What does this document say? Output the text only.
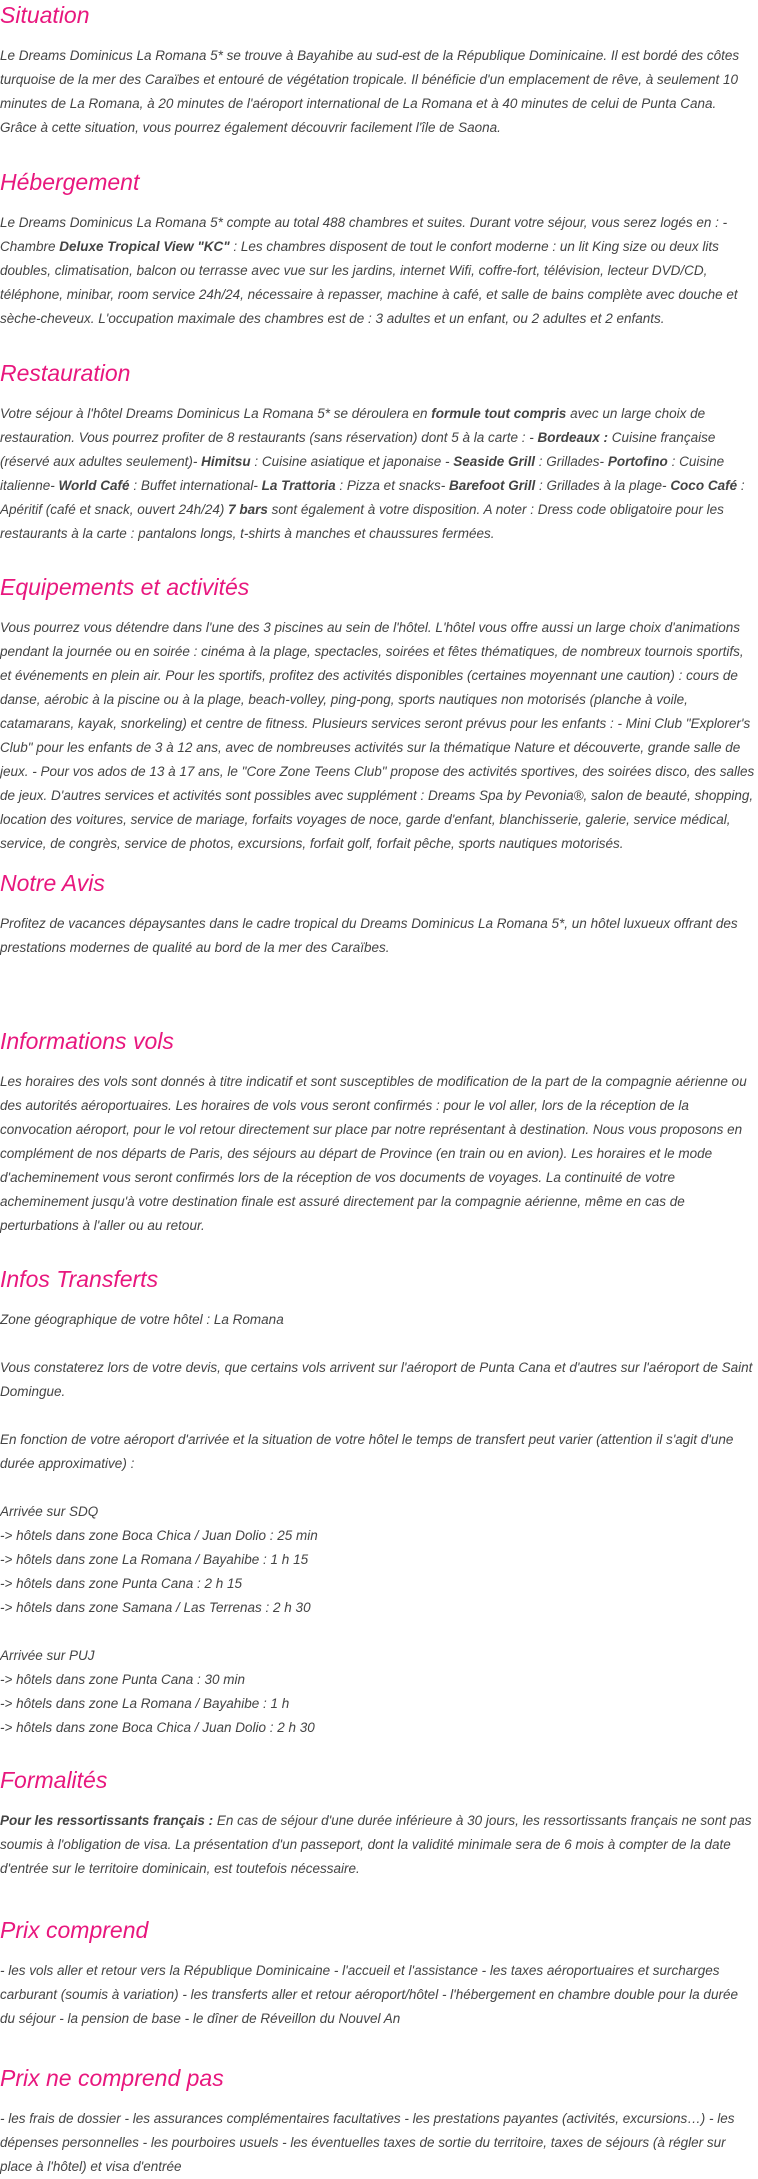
Situation

Le Dreams Dominicus La Romana 5* se trouve à Bayahibe au sud-est de la République Dominicaine. Il est bordé des côtes turquoise de la mer des Caraïbes et entouré de végétation tropicale. Il bénéficie d'un emplacement de rêve, à seulement 10 minutes de La Romana, à 20 minutes de l'aéroport international de La Romana et à 40 minutes de celui de Punta Cana. Grâce à cette situation, vous pourrez également découvrir facilement l'île de Saona.

Hébergement

Le Dreams Dominicus La Romana 5* compte au total 488 chambres et suites. Durant votre séjour, vous serez logés en : - Chambre Deluxe Tropical View "KC" : Les chambres disposent de tout le confort moderne : un lit King size ou deux lits doubles, climatisation, balcon ou terrasse avec vue sur les jardins, internet Wifi, coffre-fort, télévision, lecteur DVD/CD, téléphone, minibar, room service 24h/24, nécessaire à repasser, machine à café, et salle de bains complète avec douche et sèche-cheveux. L'occupation maximale des chambres est de : 3 adultes et un enfant, ou 2 adultes et 2 enfants.

Restauration

Votre séjour à l'hôtel Dreams Dominicus La Romana 5* se déroulera en formule tout compris avec un large choix de restauration. Vous pourrez profiter de 8 restaurants (sans réservation) dont 5 à la carte : - Bordeaux : Cuisine française (réservé aux adultes seulement)- Himitsu : Cuisine asiatique et japonaise - Seaside Grill : Grillades- Portofino : Cuisine italienne- World Café : Buffet international- La Trattoria : Pizza et snacks- Barefoot Grill : Grillades à la plage- Coco Café : Apéritif (café et snack, ouvert 24h/24) 7 bars sont également à votre disposition. A noter : Dress code obligatoire pour les restaurants à la carte : pantalons longs, t-shirts à manches et chaussures fermées.

Equipements et activités

Vous pourrez vous détendre dans l'une des 3 piscines au sein de l'hôtel. L'hôtel vous offre aussi un large choix d'animations pendant la journée ou en soirée : cinéma à la plage, spectacles, soirées et fêtes thématiques, de nombreux tournois sportifs, et événements en plein air. Pour les sportifs, profitez des activités disponibles (certaines moyennant une caution) : cours de danse, aérobic à la piscine ou à la plage, beach-volley, ping-pong, sports nautiques non motorisés (planche à voile, catamarans, kayak, snorkeling) et centre de fitness. Plusieurs services seront prévus pour les enfants : - Mini Club "Explorer's Club" pour les enfants de 3 à 12 ans, avec de nombreuses activités sur la thématique Nature et découverte, grande salle de jeux. - Pour vos ados de 13 à 17 ans, le "Core Zone Teens Club" propose des activités sportives, des soirées disco, des salles de jeux. D'autres services et activités sont possibles avec supplément : Dreams Spa by Pevonia®, salon de beauté, shopping, location des voitures, service de mariage, forfaits voyages de noce, garde d'enfant, blanchisserie, galerie, service médical, service, de congrès, service de photos, excursions, forfait golf, forfait pêche, sports nautiques motorisés.

Notre Avis

Profitez de vacances dépaysantes dans le cadre tropical du Dreams Dominicus La Romana 5*, un hôtel luxueux offrant des prestations modernes de qualité au bord de la mer des Caraïbes.

Informations vols

Les horaires des vols sont donnés à titre indicatif et sont susceptibles de modification de la part de la compagnie aérienne ou des autorités aéroportuaires. Les horaires de vols vous seront confirmés : pour le vol aller, lors de la réception de la convocation aéroport, pour le vol retour directement sur place par notre représentant à destination. Nous vous proposons en complément de nos départs de Paris, des séjours au départ de Province (en train ou en avion). Les horaires et le mode d'acheminement vous seront confirmés lors de la réception de vos documents de voyages. La continuité de votre acheminement jusqu'à votre destination finale est assuré directement par la compagnie aérienne, même en cas de perturbations à l'aller ou au retour.

Infos Transferts
Zone géographique de votre hôtel : La Romana
Vous constaterez lors de votre devis, que certains vols arrivent sur l'aéroport de Punta Cana et d'autres sur l'aéroport de Saint Domingue.
En fonction de votre aéroport d'arrivée et la situation de votre hôtel le temps de transfert peut varier (attention il s'agit d'une durée approximative) :
Arrivée sur SDQ
-> hôtels dans zone Boca Chica / Juan Dolio : 25 min
-> hôtels dans zone La Romana / Bayahibe : 1 h 15
-> hôtels dans zone Punta Cana : 2 h 15
-> hôtels dans zone Samana / Las Terrenas : 2 h 30
Arrivée sur PUJ
-> hôtels dans zone Punta Cana : 30 min
-> hôtels dans zone La Romana / Bayahibe : 1 h
-> hôtels dans zone Boca Chica / Juan Dolio : 2 h 30
Formalités

Pour les ressortissants français : En cas de séjour d'une durée inférieure à 30 jours, les ressortissants français ne sont pas soumis à l'obligation de visa. La présentation d'un passeport, dont la validité minimale sera de 6 mois à compter de la date d'entrée sur le territoire dominicain, est toutefois nécessaire.

Prix comprend

- les vols aller et retour vers la République Dominicaine - l'accueil et l'assistance - les taxes aéroportuaires et surcharges carburant (soumis à variation) - les transferts aller et retour aéroport/hôtel - l'hébergement en chambre double pour la durée du séjour - la pension de base - le dîner de Réveillon du Nouvel An

Prix ne comprend pas

- les frais de dossier - les assurances complémentaires facultatives - les prestations payantes (activités, excursions…) - les dépenses personnelles - les pourboires usuels - les éventuelles taxes de sortie du territoire, taxes de séjours (à régler sur place à l'hôtel) et visa d'entrée
